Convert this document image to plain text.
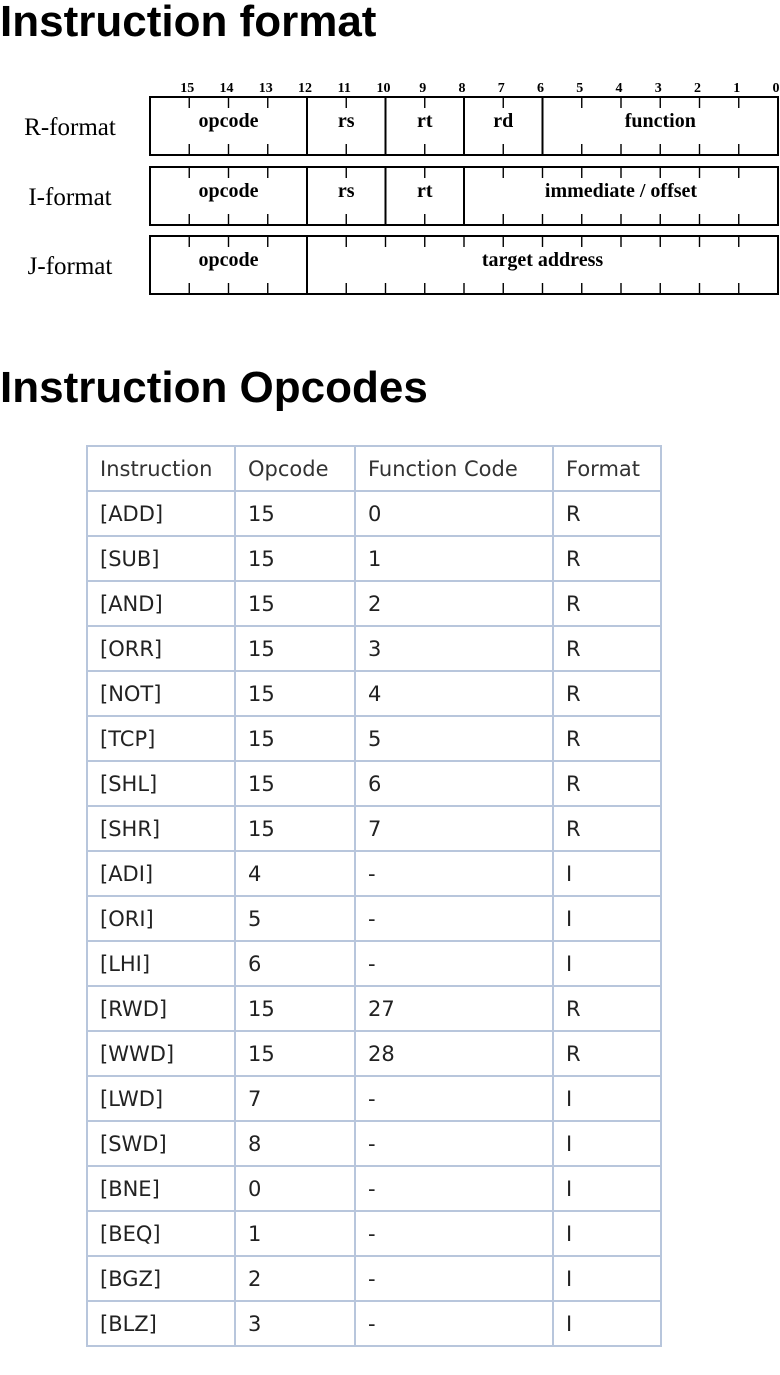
Instruction format
15 14 13 12 11 10 9 8 7 6 5 4 3 2 1 0
R-format	opcode	rs	rt	rd	function
I-format	opcode	rs	rt	immediate / offset
J-format	opcode	target address
Instruction Opcodes
Instruction	Opcode	Function Code	Format
[ADD]	15	0	R
[SUB]	15	1	R
[AND]	15	2	R
[ORR]	15	3	R
[NOT]	15	4	R
[TCP]	15	5	R
[SHL]	15	6	R
[SHR]	15	7	R
[ADI]	4	-	I
[ORI]	5	-	I
[LHI]	6	-	I
[RWD]	15	27	R
[WWD]	15	28	R
[LWD]	7	-	I
[SWD]	8	-	I
[BNE]	0	-	I
[BEQ]	1	-	I
[BGZ]	2	-	I
[BLZ]	3	-	I
